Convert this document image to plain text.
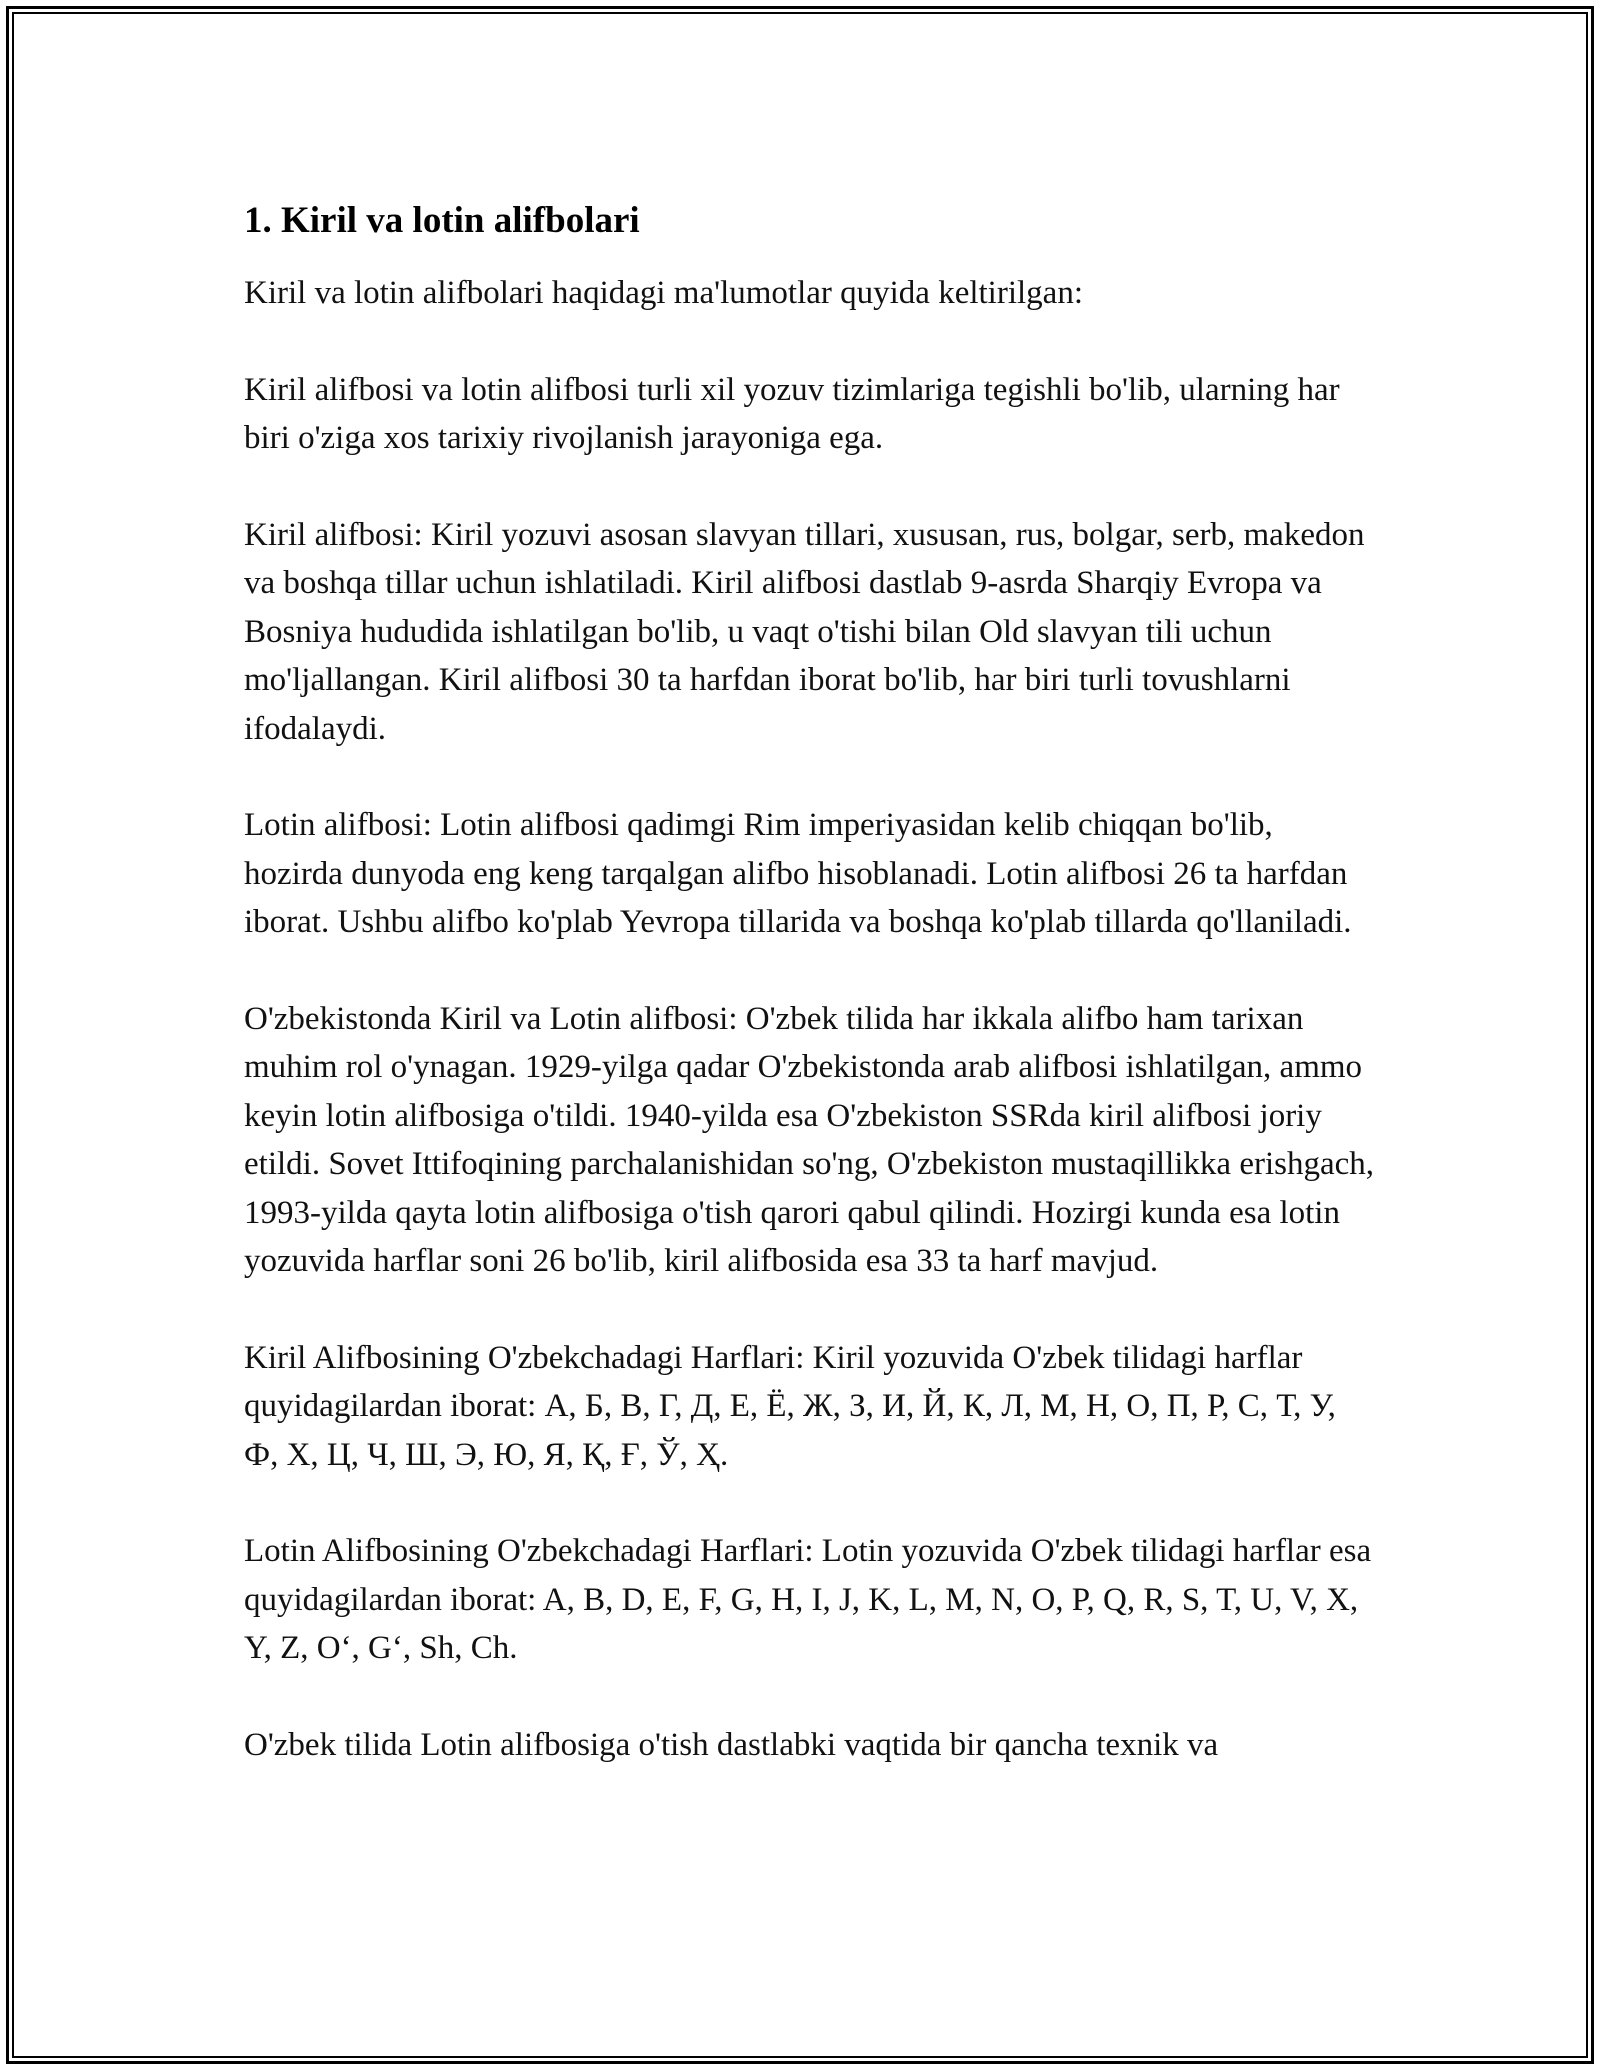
1. Kiril va lotin alifbolari

Kiril va lotin alifbolari haqidagi ma'lumotlar quyida keltirilgan:

Kiril alifbosi va lotin alifbosi turli xil yozuv tizimlariga tegishli bo'lib, ularning har biri o'ziga xos tarixiy rivojlanish jarayoniga ega.

Kiril alifbosi: Kiril yozuvi asosan slavyan tillari, xususan, rus, bolgar, serb, makedon va boshqa tillar uchun ishlatiladi. Kiril alifbosi dastlab 9-asrda Sharqiy Evropa va Bosniya hududida ishlatilgan bo'lib, u vaqt o'tishi bilan Old slavyan tili uchun mo'ljallangan. Kiril alifbosi 30 ta harfdan iborat bo'lib, har biri turli tovushlarni ifodalaydi.

Lotin alifbosi: Lotin alifbosi qadimgi Rim imperiyasidan kelib chiqqan bo'lib, hozirda dunyoda eng keng tarqalgan alifbo hisoblanadi. Lotin alifbosi 26 ta harfdan iborat. Ushbu alifbo ko'plab Yevropa tillarida va boshqa ko'plab tillarda qo'llaniladi.

O'zbekistonda Kiril va Lotin alifbosi: O'zbek tilida har ikkala alifbo ham tarixan muhim rol o'ynagan. 1929-yilga qadar O'zbekistonda arab alifbosi ishlatilgan, ammo keyin lotin alifbosiga o'tildi. 1940-yilda esa O'zbekiston SSRda kiril alifbosi joriy etildi. Sovet Ittifoqining parchalanishidan so'ng, O'zbekiston mustaqillikka erishgach, 1993-yilda qayta lotin alifbosiga o'tish qarori qabul qilindi. Hozirgi kunda esa lotin yozuvida harflar soni 26 bo'lib, kiril alifbosida esa 33 ta harf mavjud.

Kiril Alifbosining O'zbekchadagi Harflari: Kiril yozuvida O'zbek tilidagi harflar quyidagilardan iborat: А, Б, В, Г, Д, Е, Ё, Ж, З, И, Й, К, Л, М, Н, О, П, Р, С, Т, У, Ф, Х, Ц, Ч, Ш, Э, Ю, Я, Қ, Ғ, Ў, Ҳ.

Lotin Alifbosining O'zbekchadagi Harflari: Lotin yozuvida O'zbek tilidagi harflar esa quyidagilardan iborat: A, B, D, E, F, G, H, I, J, K, L, M, N, O, P, Q, R, S, T, U, V, X, Y, Z, O‘, G‘, Sh, Ch.

O'zbek tilida Lotin alifbosiga o'tish dastlabki vaqtida bir qancha texnik va
